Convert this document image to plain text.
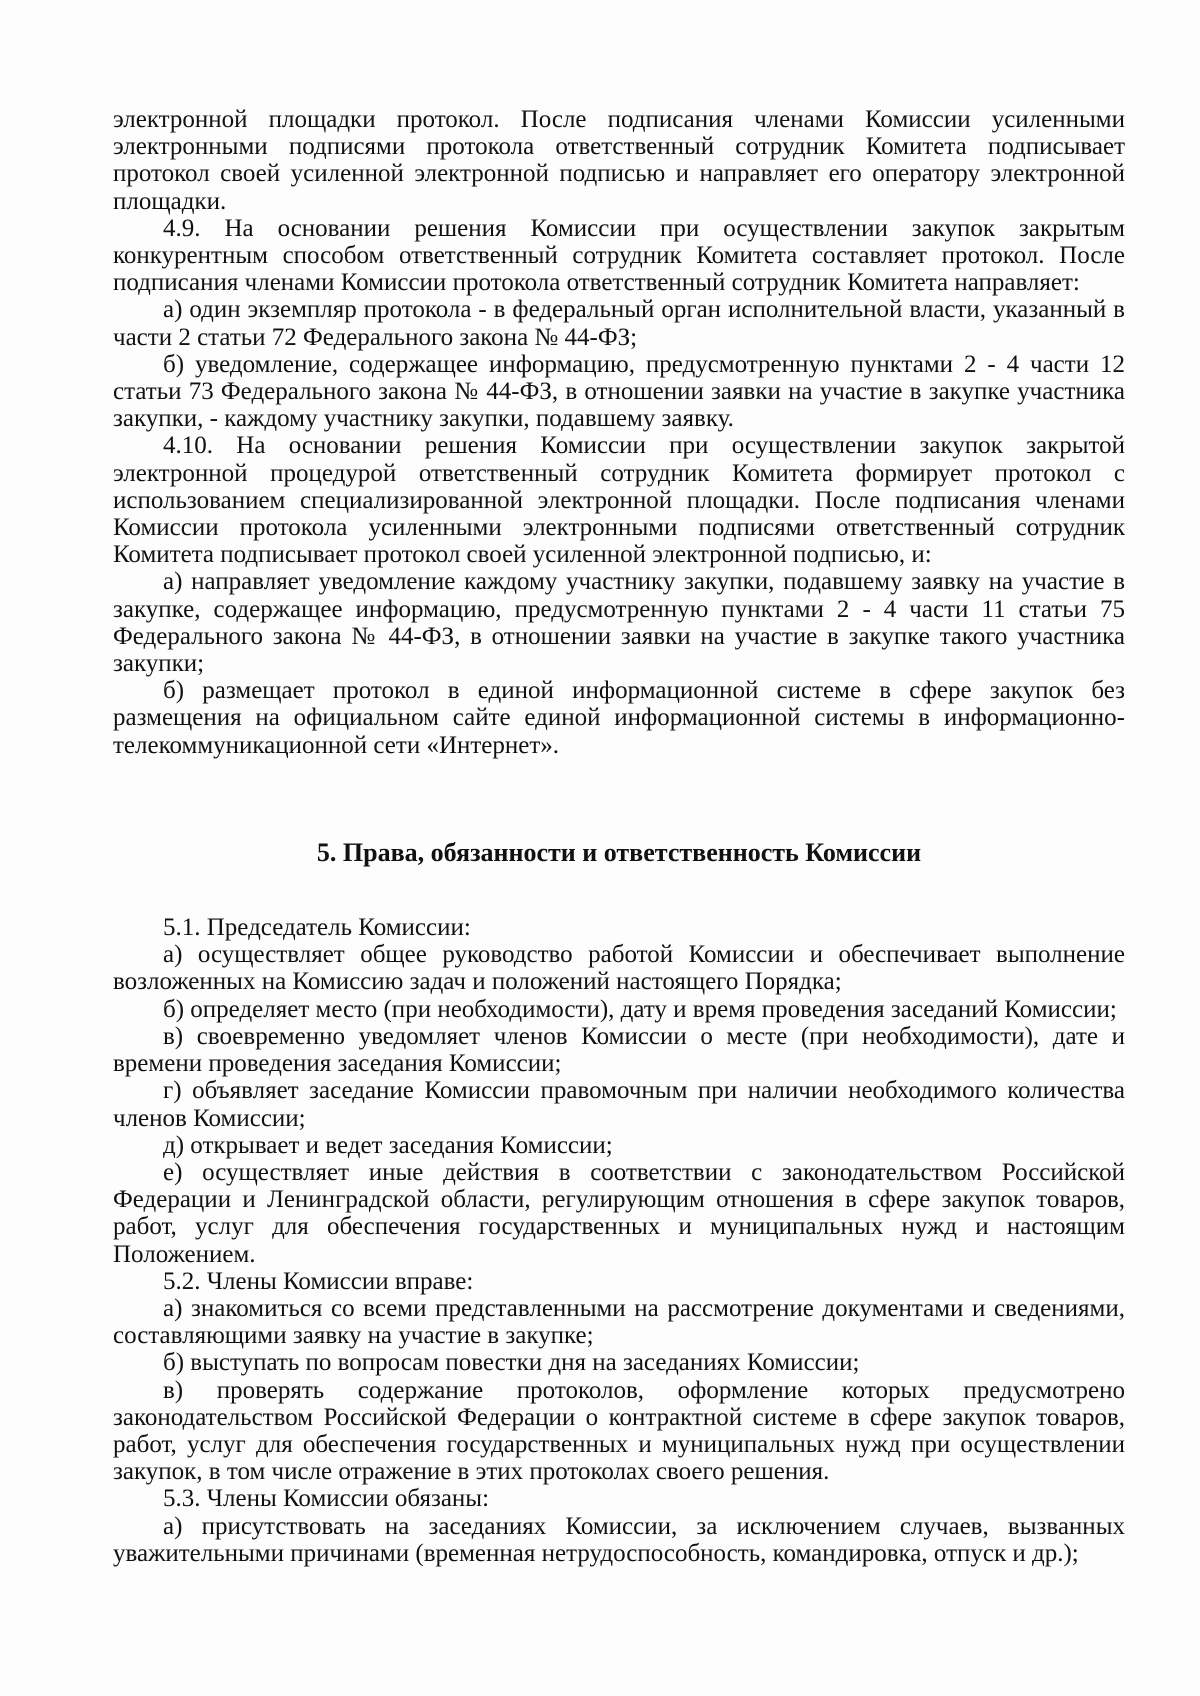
электронной площадки протокол. После подписания членами Комиссии усиленными электронными подписями протокола ответственный сотрудник Комитета подписывает протокол своей усиленной электронной подписью и направляет его оператору электронной площадки.

4.9. На основании решения Комиссии при осуществлении закупок закрытым конкурентным способом ответственный сотрудник Комитета составляет протокол. После подписания членами Комиссии протокола ответственный сотрудник Комитета направляет:

а) один экземпляр протокола - в федеральный орган исполнительной власти, указанный в части 2 статьи 72 Федерального закона № 44-ФЗ;

б) уведомление, содержащее информацию, предусмотренную пунктами 2 - 4 части 12 статьи 73 Федерального закона № 44-ФЗ, в отношении заявки на участие в закупке участника закупки, - каждому участнику закупки, подавшему заявку.

4.10. На основании решения Комиссии при осуществлении закупок закрытой электронной процедурой ответственный сотрудник Комитета формирует протокол с использованием специализированной электронной площадки. После подписания членами Комиссии протокола усиленными электронными подписями ответственный сотрудник Комитета подписывает протокол своей усиленной электронной подписью, и:

а) направляет уведомление каждому участнику закупки, подавшему заявку на участие в закупке, содержащее информацию, предусмотренную пунктами 2 - 4 части 11 статьи 75 Федерального закона № 44-ФЗ, в отношении заявки на участие в закупке такого участника закупки;

б) размещает протокол в единой информационной системе в сфере закупок без размещения на официальном сайте единой информационной системы в информационно-телекоммуникационной сети «Интернет».

5. Права, обязанности и ответственность Комиссии

5.1. Председатель Комиссии:

а) осуществляет общее руководство работой Комиссии и обеспечивает выполнение возложенных на Комиссию задач и положений настоящего Порядка;

б) определяет место (при необходимости), дату и время проведения заседаний Комиссии;

в) своевременно уведомляет членов Комиссии о месте (при необходимости), дате и времени проведения заседания Комиссии;

г) объявляет заседание Комиссии правомочным при наличии необходимого количества членов Комиссии;

д) открывает и ведет заседания Комиссии;

е) осуществляет иные действия в соответствии с законодательством Российской Федерации и Ленинградской области, регулирующим отношения в сфере закупок товаров, работ, услуг для обеспечения государственных и муниципальных нужд и настоящим Положением.

5.2. Члены Комиссии вправе:

а) знакомиться со всеми представленными на рассмотрение документами и сведениями, составляющими заявку на участие в закупке;

б) выступать по вопросам повестки дня на заседаниях Комиссии;

в) проверять содержание протоколов, оформление которых предусмотрено законодательством Российской Федерации о контрактной системе в сфере закупок товаров, работ, услуг для обеспечения государственных и муниципальных нужд при осуществлении закупок, в том числе отражение в этих протоколах своего решения.

5.3. Члены Комиссии обязаны:

а) присутствовать на заседаниях Комиссии, за исключением случаев, вызванных уважительными причинами (временная нетрудоспособность, командировка, отпуск и др.);
